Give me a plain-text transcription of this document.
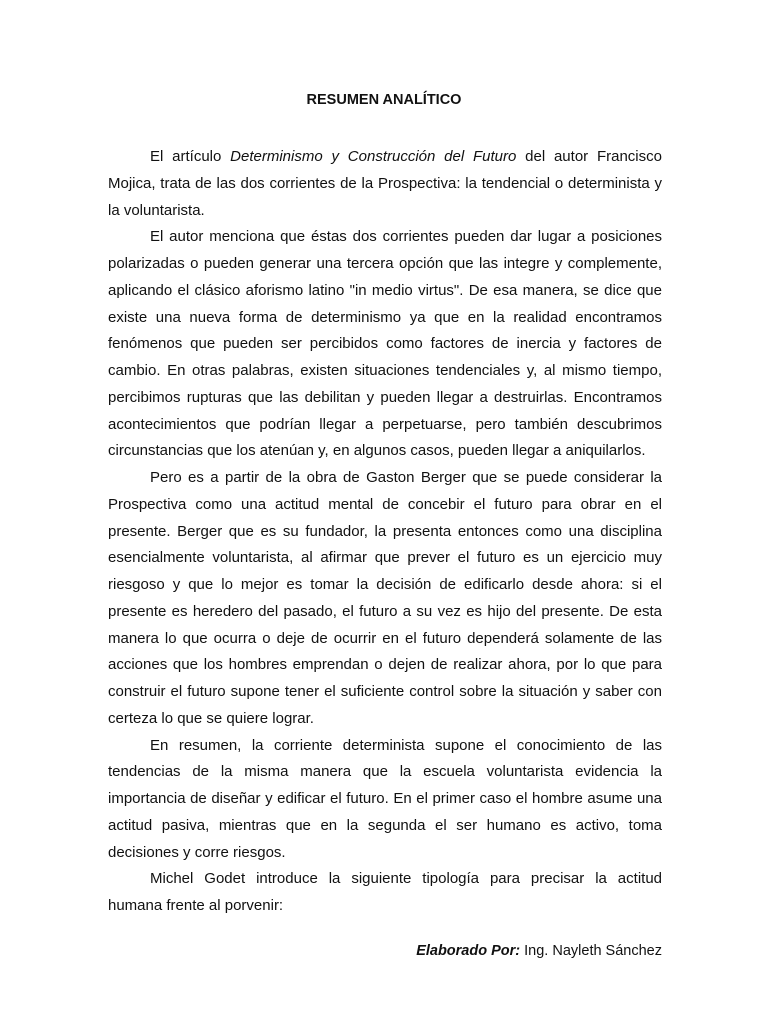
RESUMEN ANALÍTICO
El artículo Determinismo y Construcción del Futuro del autor Francisco
Mojica, trata de las dos corrientes de la Prospectiva: la tendencial o determinista y
la voluntarista.
El autor menciona que éstas dos corrientes pueden dar lugar a posiciones
polarizadas o pueden generar una tercera opción que las integre y complemente,
aplicando el clásico aforismo latino "in medio virtus". De esa manera, se dice que
existe una nueva forma de determinismo ya que en la realidad encontramos
fenómenos que pueden ser percibidos como factores de inercia y factores de
cambio. En otras palabras, existen situaciones tendenciales y, al mismo tiempo,
percibimos rupturas que las debilitan y pueden llegar a destruirlas. Encontramos
acontecimientos que podrían llegar a perpetuarse, pero también descubrimos
circunstancias que los atenúan y, en algunos casos, pueden llegar a aniquilarlos.
Pero es a partir de la obra de Gaston Berger que se puede considerar la
Prospectiva como una actitud mental de concebir el futuro para obrar en el
presente. Berger que es su fundador, la presenta entonces como una disciplina
esencialmente voluntarista, al afirmar que prever el futuro es un ejercicio muy
riesgoso y que lo mejor es tomar la decisión de edificarlo desde ahora: si el
presente es heredero del pasado, el futuro a su vez es hijo del presente. De esta
manera lo que ocurra o deje de ocurrir en el futuro dependerá solamente de las
acciones que los hombres emprendan o dejen de realizar ahora, por lo que para
construir el futuro supone tener el suficiente control sobre la situación y saber con
certeza lo que se quiere lograr.
En resumen, la corriente determinista supone el conocimiento de las
tendencias de la misma manera que la escuela voluntarista evidencia la
importancia de diseñar y edificar el futuro. En el primer caso el hombre asume una
actitud pasiva, mientras que en la segunda el ser humano es activo, toma
decisiones y corre riesgos.
Michel Godet introduce la siguiente tipología para precisar la actitud
humana frente al porvenir:
Elaborado Por: Ing. Nayleth Sánchez
